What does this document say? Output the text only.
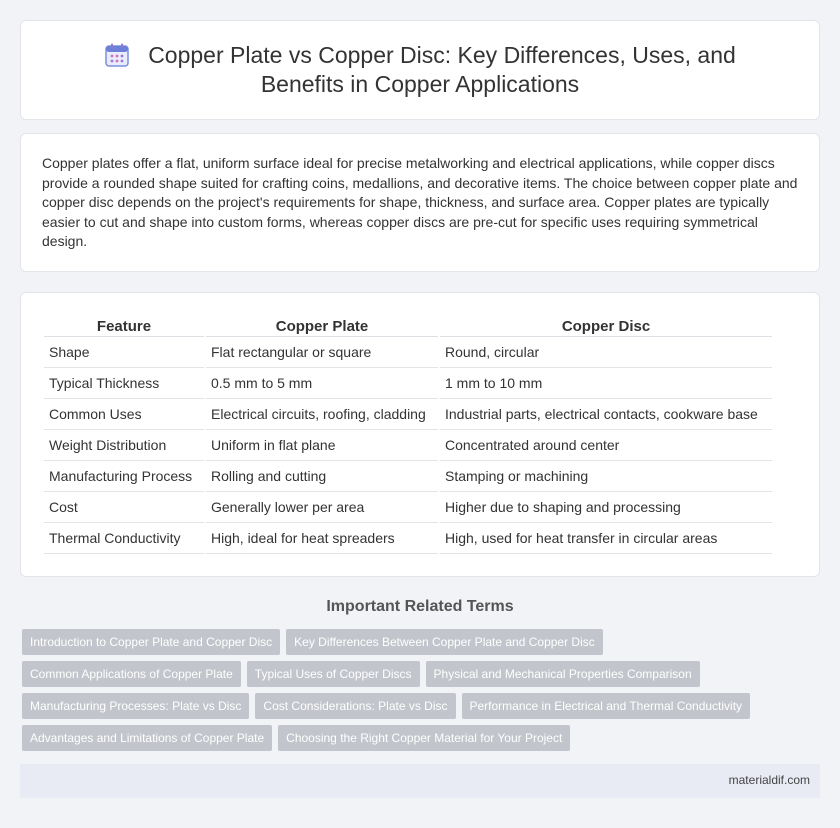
Copper Plate vs Copper Disc: Key Differences, Uses, and Benefits in Copper Applications

Copper plates offer a flat, uniform surface ideal for precise metalworking and electrical applications, while copper discs provide a rounded shape suited for crafting coins, medallions, and decorative items. The choice between copper plate and copper disc depends on the project's requirements for shape, thickness, and surface area. Copper plates are typically easier to cut and shape into custom forms, whereas copper discs are pre-cut for specific uses requiring symmetrical design.

Feature	Copper Plate	Copper Disc
Shape	Flat rectangular or square	Round, circular
Typical Thickness	0.5 mm to 5 mm	1 mm to 10 mm
Common Uses	Electrical circuits, roofing, cladding	Industrial parts, electrical contacts, cookware base
Weight Distribution	Uniform in flat plane	Concentrated around center
Manufacturing Process	Rolling and cutting	Stamping or machining
Cost	Generally lower per area	Higher due to shaping and processing
Thermal Conductivity	High, ideal for heat spreaders	High, used for heat transfer in circular areas
Important Related Terms
Introduction to Copper Plate and Copper Disc Key Differences Between Copper Plate and Copper Disc
Common Applications of Copper Plate Typical Uses of Copper Discs Physical and Mechanical Properties Comparison
Manufacturing Processes: Plate vs Disc Cost Considerations: Plate vs Disc Performance in Electrical and Thermal Conductivity
Advantages and Limitations of Copper Plate Choosing the Right Copper Material for Your Project
materialdif.com
